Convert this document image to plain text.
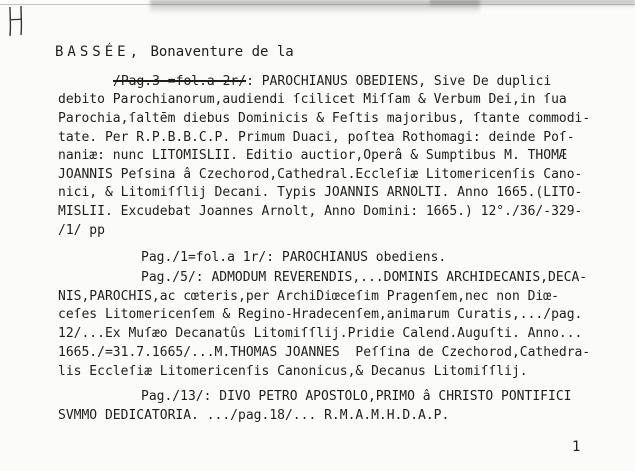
BASSÉE, Bonaventure de la
/Pag.3 =fol.a 2r/: PAROCHIANUS OBEDIENS, Sive De duplici
debito Parochianorum,audiendi ſcilicet Miſſam & Verbum Dei,in ſua
Parochia,ſaltēm diebus Dominicis & Feſtis majoribus, ſtante commodi-
tate. Per R.P.B.B.C.P. Primum Duaci, poſtea Rothomagi: deinde Poſ-
naniæ: nunc LITOMISLII. Editio auctior,Operâ & Sumptibus M. THOMÆ
JOANNIS Peſsina â Czechorod,Cathedral.Eccleſiæ Litomericenſis Cano-
nici, & Litomiſſlij Decani. Typis JOANNIS ARNOLTI. Anno 1665.(LITO-
MISLII. Excudebat Joannes Arnolt, Anno Domini: 1665.) 12°./36/-329-
/1/ pp
Pag./1=fol.a 1r/: PAROCHIANUS obediens.
Pag./5/: ADMODUM REVERENDIS,...DOMINIS ARCHIDECANIS,DECA-
NIS,PAROCHIS,ac cœteris,per ArchiDiœceſim Pragenſem,nec non Diœ-
ceſes Litomericenſem & Regino-Hradecenſem,animarum Curatis,.../pag.
12/...Ex Muſæo Decanatûs Litomiſſlij.Pridie Calend.Auguſti. Anno...
1665./=31.7.1665/...M.THOMAS JOANNES  Peſſina de Czechorod,Cathedra-
lis Eccleſiæ Litomericenſis Canonicus,& Decanus Litomiſſlij.
Pag./13/: DIVO PETRO APOSTOLO,PRIMO â CHRISTO PONTIFICI
SVMMO DEDICATORIA. .../pag.18/... R.M.A.M.H.D.A.P.
1
